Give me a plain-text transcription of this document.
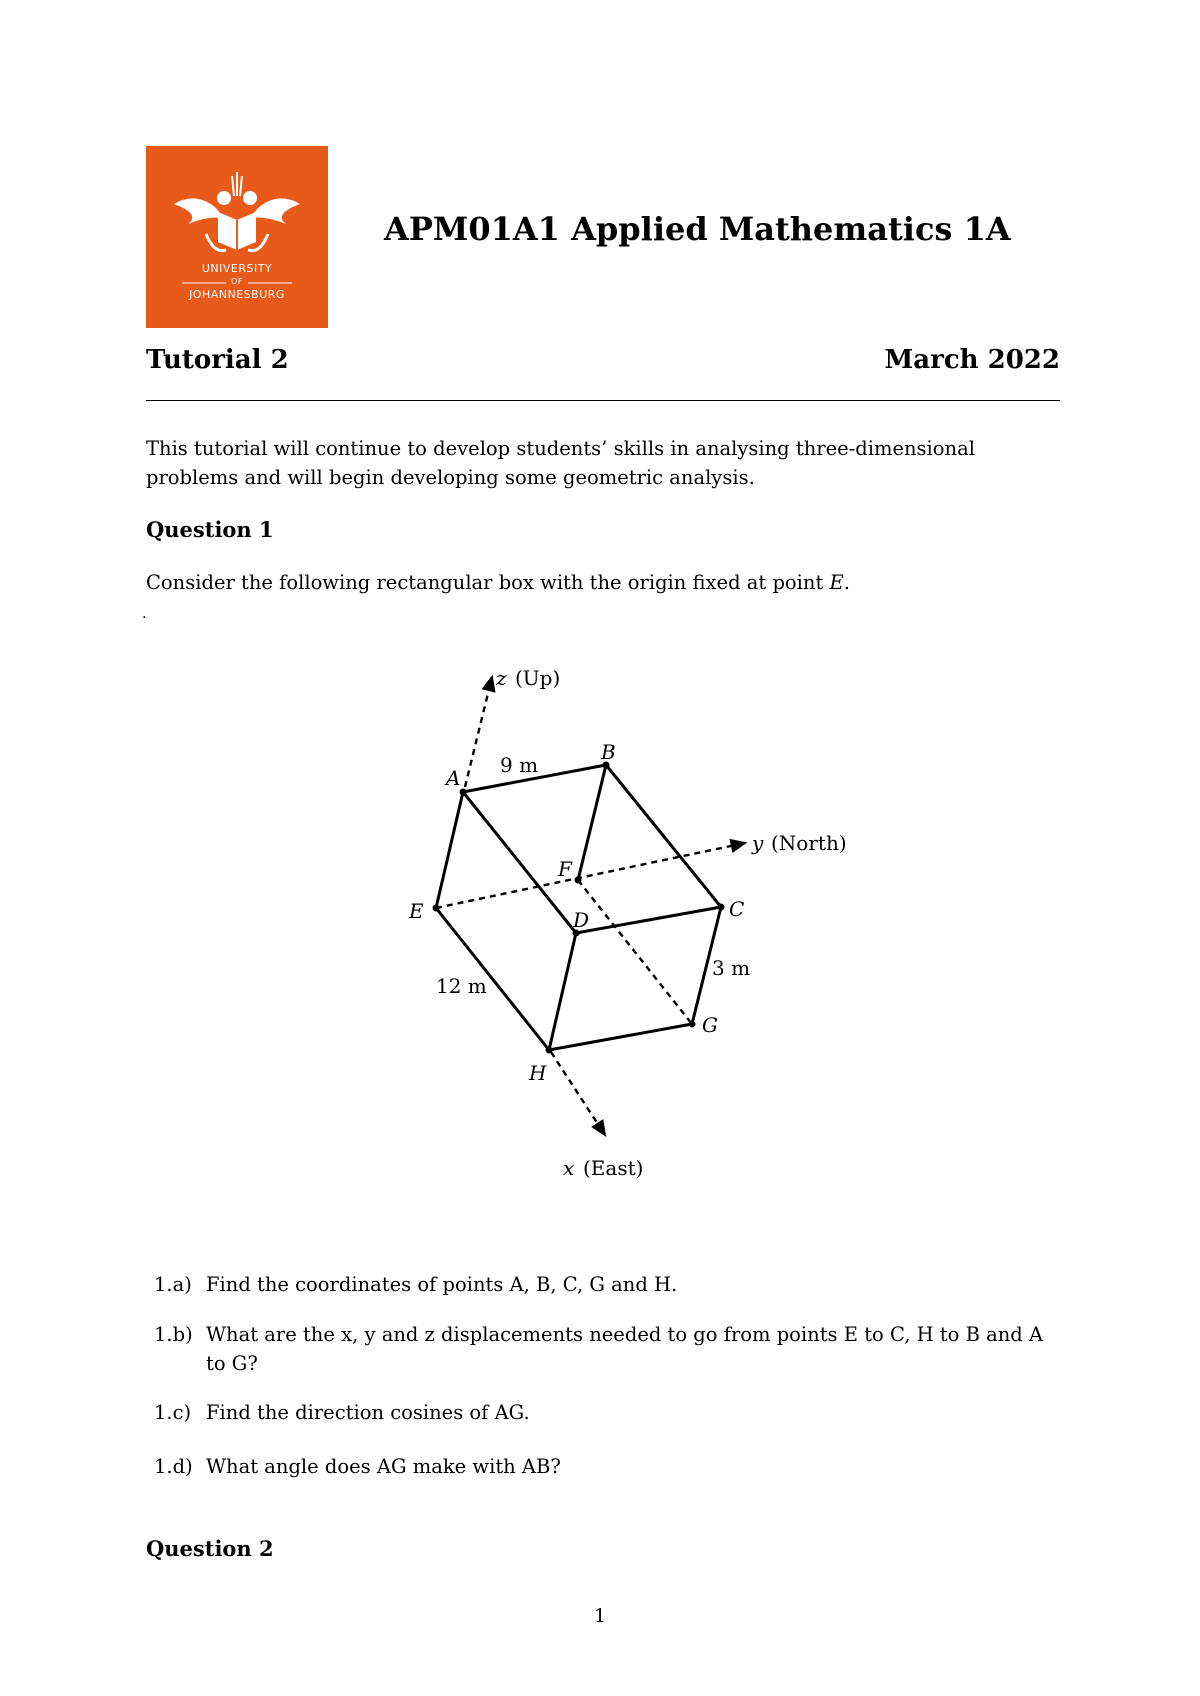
UNIVERSITY
OF
JOHANNESBURG
APM01A1 Applied Mathematics 1A
Tutorial 2	March 2022
This tutorial will continue to develop students’ skills in analysing three-dimensional problems and will begin developing some geometric analysis.
Question 1
Consider the following rectangular box with the origin fixed at point E.
.
z (Up)
y (North)
x (East)
9 m
3 m
12 m
A
B
C
D
E
F
G
H
1.a) Find the coordinates of points A, B, C, G and H.
1.b) What are the x, y and z displacements needed to go from points E to C, H to B and A to G?
1.c) Find the direction cosines of AG.
1.d) What angle does AG make with AB?
Question 2
1
